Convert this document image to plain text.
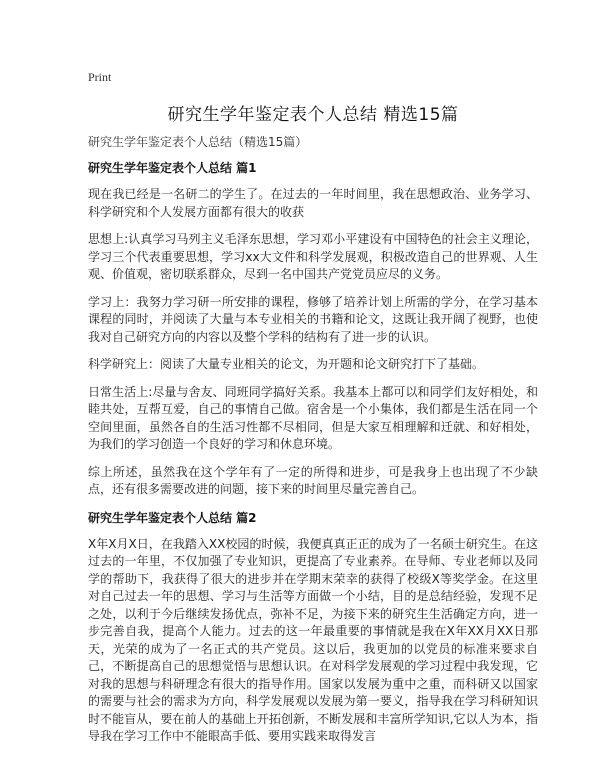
Print
研究生学年鉴定表个人总结 精选15篇
研究生学年鉴定表个人总结（精选15篇）
研究生学年鉴定表个人总结 篇1

现在我已经是一名研二的学生了。在过去的一年时间里，我在思想政治、业务学习、科学研究和个人发展方面都有很大的收获

思想上:认真学习马列主义毛泽东思想，学习邓小平建设有中国特色的社会主义理论，学习三个代表重要思想，学习xx大文件和科学发展观，积极改造自己的世界观、人生观、价值观，密切联系群众，尽到一名中国共产党党员应尽的义务。

学习上：我努力学习研一所安排的课程，修够了培养计划上所需的学分，在学习基本课程的同时，并阅读了大量与本专业相关的书籍和论文，这既让我开阔了视野，也使我对自己研究方向的内容以及整个学科的结构有了进一步的认识。

科学研究上：阅读了大量专业相关的论文，为开题和论文研究打下了基础。

日常生活上:尽量与舍友、同班同学搞好关系。我基本上都可以和同学们友好相处，和睦共处，互帮互爱，自己的事情自己做。宿舍是一个小集体，我们都是生活在同一个空间里面，虽然各自的生活习性都不尽相同，但是大家互相理解和迁就、和好相处，为我们的学习创造一个良好的学习和休息环境。

综上所述，虽然我在这个学年有了一定的所得和进步，可是我身上也出现了不少缺点，还有很多需要改进的问题，接下来的时间里尽量完善自己。

研究生学年鉴定表个人总结 篇2

X年X月X日，在我踏入XX校园的时候，我便真真正正的成为了一名硕士研究生。在这过去的一年里，不仅加强了专业知识，更提高了专业素养。在导师、专业老师以及同学的帮助下，我获得了很大的进步并在学期末荣幸的获得了校级X等奖学金。在这里对自己过去一年的思想、学习与生活等方面做一个小结，目的是总结经验，发现不足之处，以利于今后继续发扬优点，弥补不足，为接下来的研究生生活确定方向，进一步完善自我，提高个人能力。过去的这一年最重要的事情就是我在X年XX月XX日那天，光荣的成为了一名正式的共产党员。这以后，我更加的以党员的标准来要求自己，不断提高自己的思想觉悟与思想认识。在对科学发展观的学习过程中我发现，它对我的思想与科研理念有很大的指导作用。国家以发展为重中之重，而科研又以国家的需要与社会的需求为方向，科学发展观以发展为第一要义，指导我在学习科研知识时不能盲从，要在前人的基础上开拓创新，不断发展和丰富所学知识,它以人为本，指导我在学习工作中不能眼高手低、要用实践来取得发言
